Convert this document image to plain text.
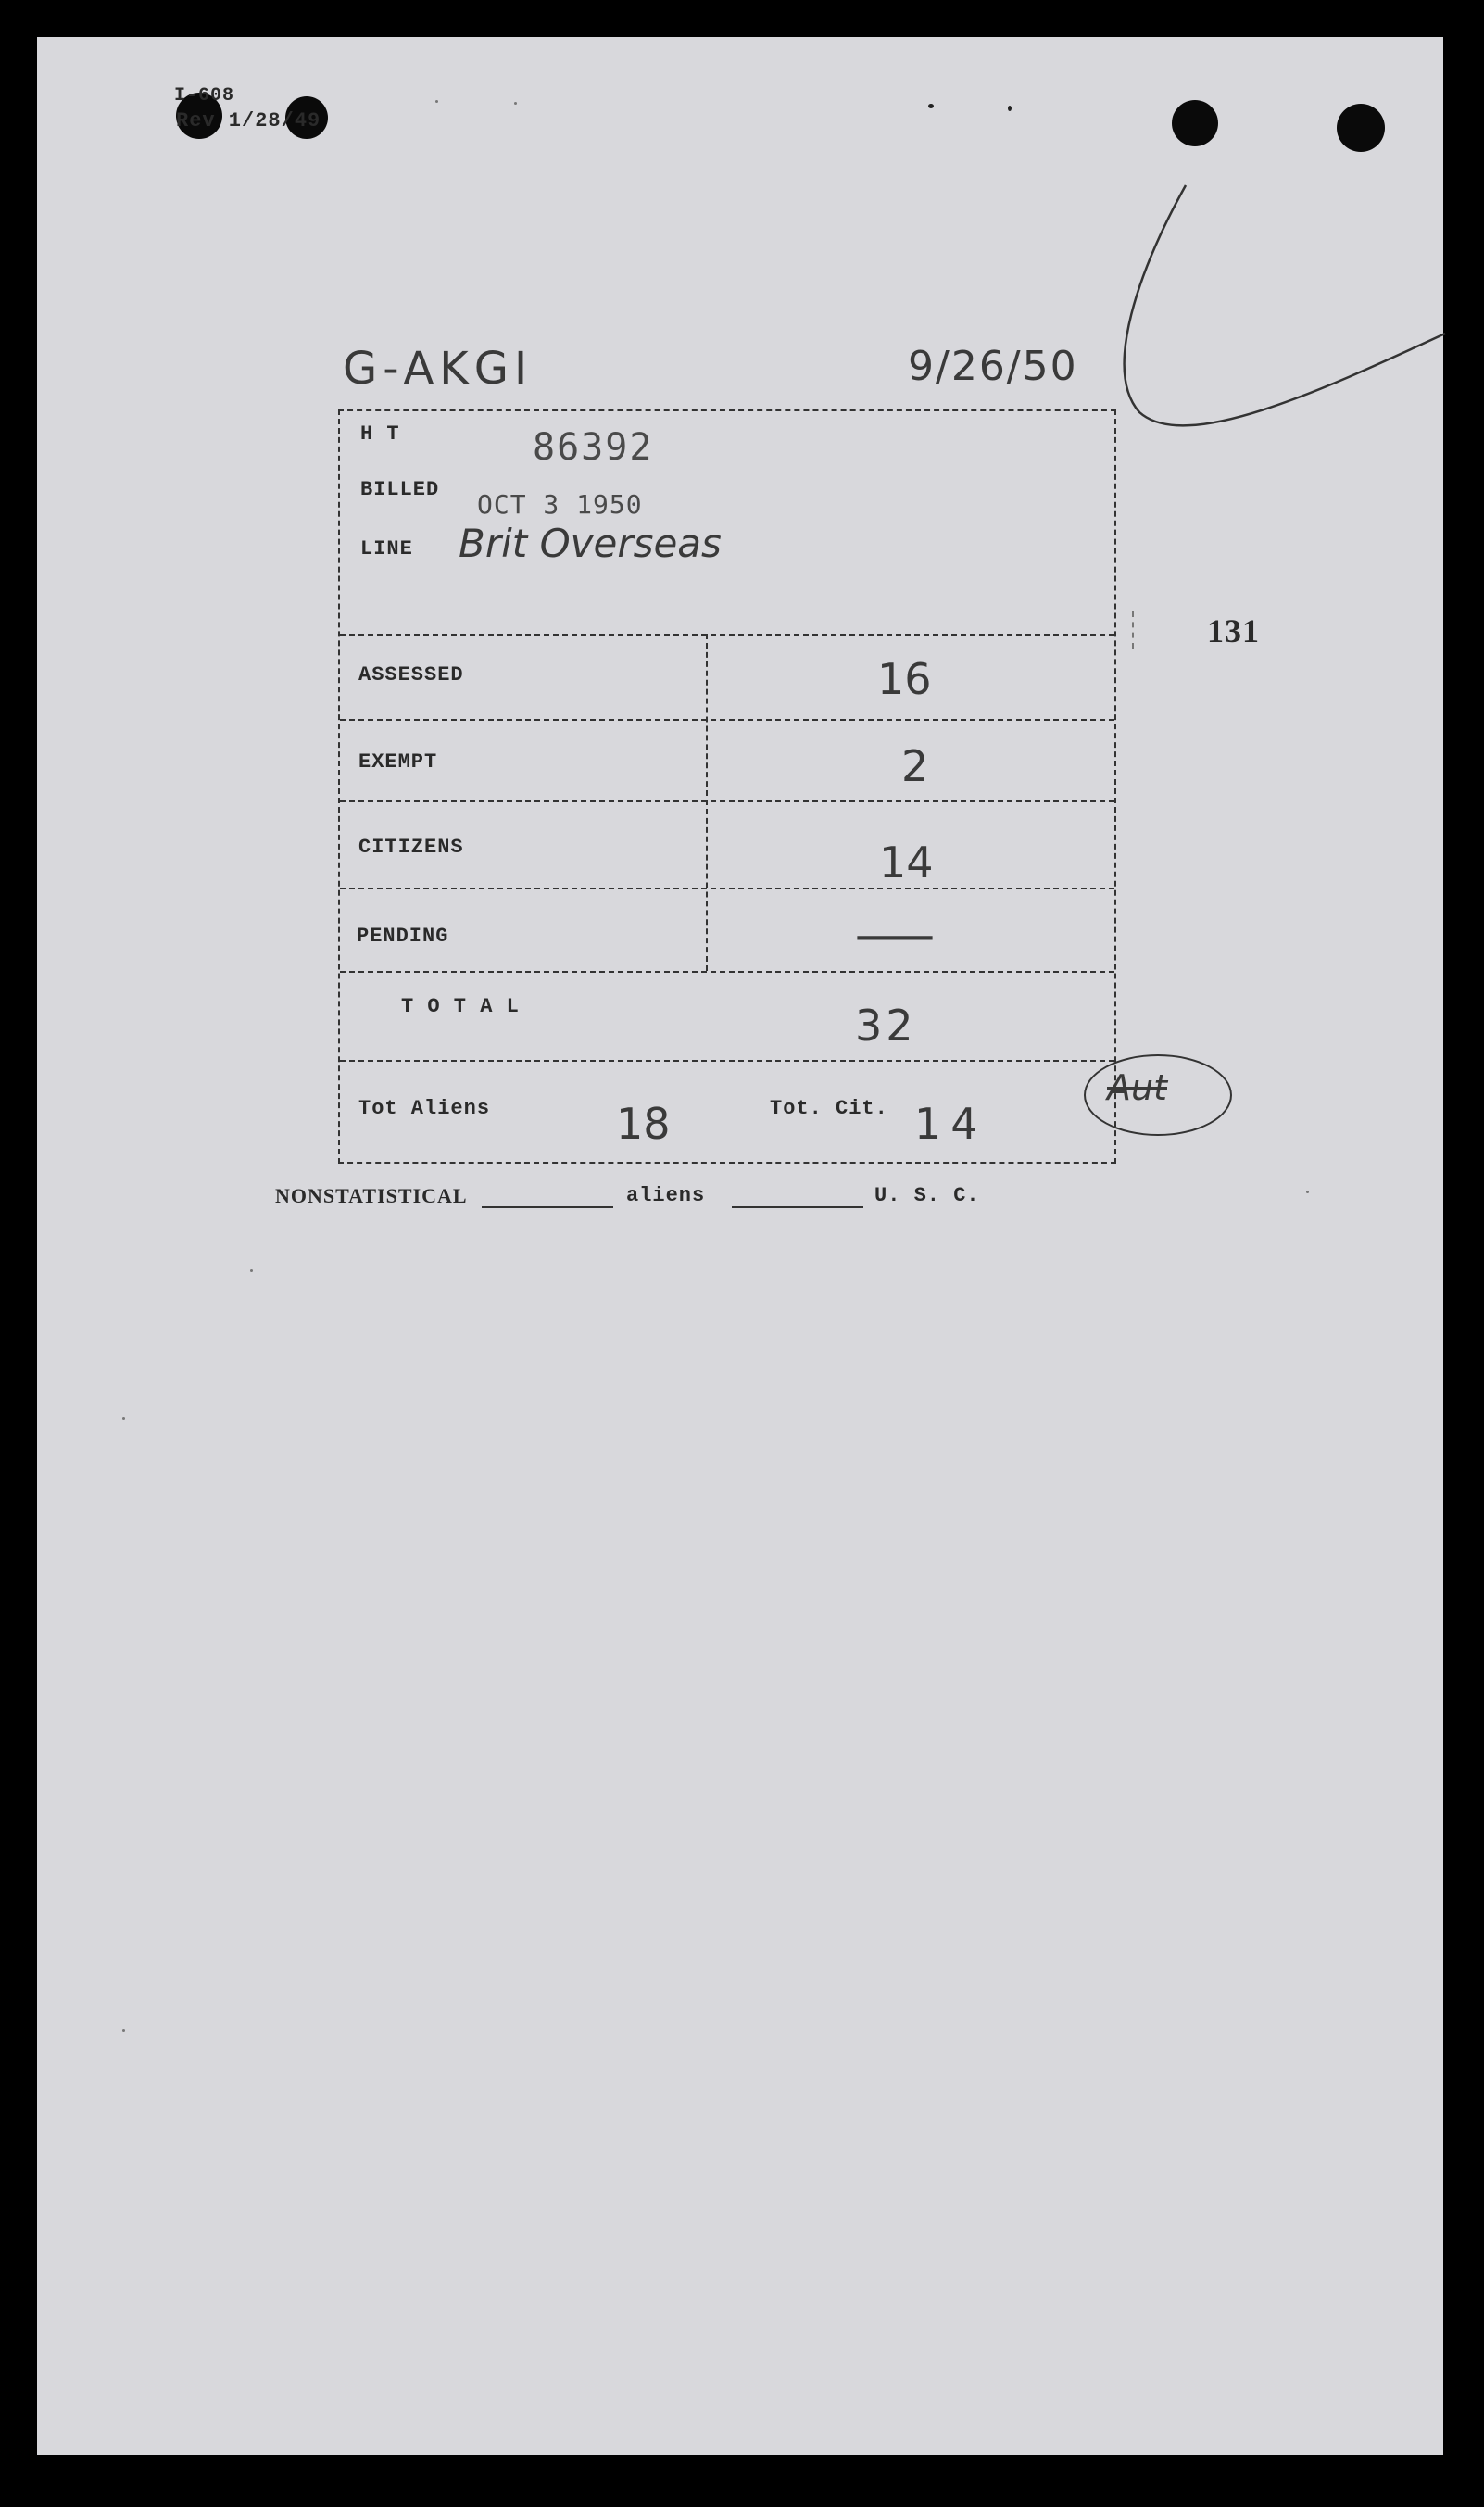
I-608
Rev 1/28/49
G-AKGI	9/26/50
131
H T	86392
BILLED OCT 3 1950
LINE Brit Overseas
ASSESSED	16
EXEMPT	2
CITIZENS	14
PENDING	—
T O T A L	32
Tot Aliens	18	Tot. Cit. 14
Aut
NONSTATISTICAL	aliens	U. S. C.
